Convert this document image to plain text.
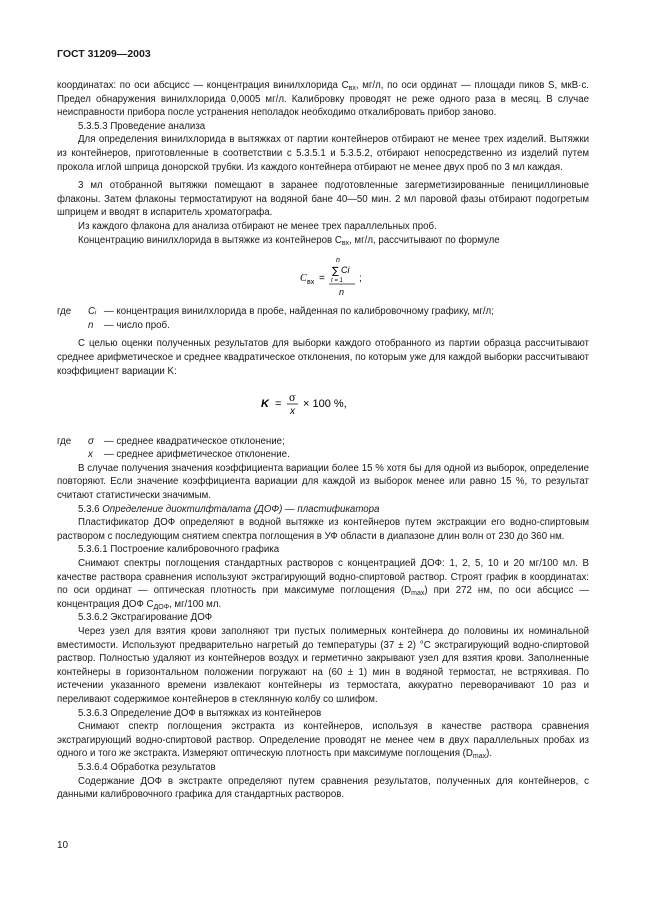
ГОСТ 31209—2003

координатах: по оси абсцисс — концентрация винилхлорида $C_{вх}$, мг/л, по оси ординат — площади пиков S, мкВ·с. Предел обнаружения винилхлорида 0,0005 мг/л. Калибровку проводят не реже одного раза в месяц. В случае неисправности прибора после устранения неполадок необходимо откалибровать прибор заново.

5.3.5.3 Проведение анализа

Для определения винилхлорида в вытяжках от партии контейнеров отбирают не менее трех изделий. Вытяжки из контейнеров, приготовленные в соответствии с 5.3.5.1 и 5.3.5.2, отбирают непосредственно из изделий путем прокола иглой шприца донорской трубки. Из каждого контейнера отбирают не менее двух проб по 3 мл каждая.

3 мл отобранной вытяжки помещают в заранее подготовленные загерметизированные пенициллиновые флаконы. Затем флаконы термостатируют на водяной бане 40—50 мин. 2 мл паровой фазы отбирают подогретым шприцем и вводят в испаритель хроматографа.

Из каждого флакона для анализа отбирают не менее трех параллельных проб.

Концентрацию винилхлорида в вытяжке из контейнеров $C_{вх}$, мг/л, рассчитывают по формуле

C вх =
n
∑ Ci
t = 1
n
;
где	Cᵢ — концентрация винилхлорида в пробе, найденная по калибровочному графику, мг/л;
n	— число проб.

С целью оценки полученных результатов для выборки каждого отобранного из партии образца рассчитывают среднее арифметическое и среднее квадратическое отклонения, по которым уже для каждой выборки рассчитывают коэффициент вариации K:

K = σ
x
× 100 %,
где	σ	— среднее квадратическое отклонение;
x	— среднее арифметическое отклонение.

В случае получения значения коэффициента вариации более 15 % хотя бы для одной из выборок, определение повторяют. Если значение коэффициента вариации для каждой из выборок менее или равно 15 %, то результат считают статистически значимым.

5.3.6 Определение диоктилфталата (ДОФ) — пластификатора

Пластификатор ДОФ определяют в водной вытяжке из контейнеров путем экстракции его водно-спиртовым раствором с последующим снятием спектра поглощения в УФ области в диапазоне длин волн от 230 до 360 нм.

5.3.6.1 Построение калибровочного графика

Снимают спектры поглощения стандартных растворов с концентрацией ДОФ: 1, 2, 5, 10 и 20 мг/100 мл. В качестве раствора сравнения используют экстрагирующий водно-спиртовой раствор. Строят график в координатах: по оси ординат — оптическая плотность при максимуме поглощения $(D_{max})$ при 272 нм, по оси абсцисс — концентрация ДОФ $C_{ДОФ}$, мг/100 мл.

5.3.6.2 Экстрагирование ДОФ

Через узел для взятия крови заполняют три пустых полимерных контейнера до половины их номинальной вместимости. Используют предварительно нагретый до температуры (37 ± 2) °С экстрагирующий водно-спиртовой раствор. Полностью удаляют из контейнеров воздух и герметично закрывают узел для взятия крови. Заполненные контейнеры в горизонтальном положении погружают на (60 ± 1) мин в водяной термостат, не встряхивая. По истечении указанного времени извлекают контейнеры из термостата, аккуратно переворачивают 10 раз и переливают содержимое контейнеров в стеклянную колбу со шлифом.

5.3.6.3 Определение ДОФ в вытяжках из контейнеров

Снимают спектр поглощения экстракта из контейнеров, используя в качестве раствора сравнения экстрагирующий водно-спиртовой раствор. Определение проводят не менее чем в двух параллельных пробах из одного и того же экстракта. Измеряют оптическую плотность при максимуме поглощения $(D_{max})$.

5.3.6.4 Обработка результатов

Содержание ДОФ в экстракте определяют путем сравнения результатов, полученных для контейнеров, с данными калибровочного графика для стандартных растворов.

10
